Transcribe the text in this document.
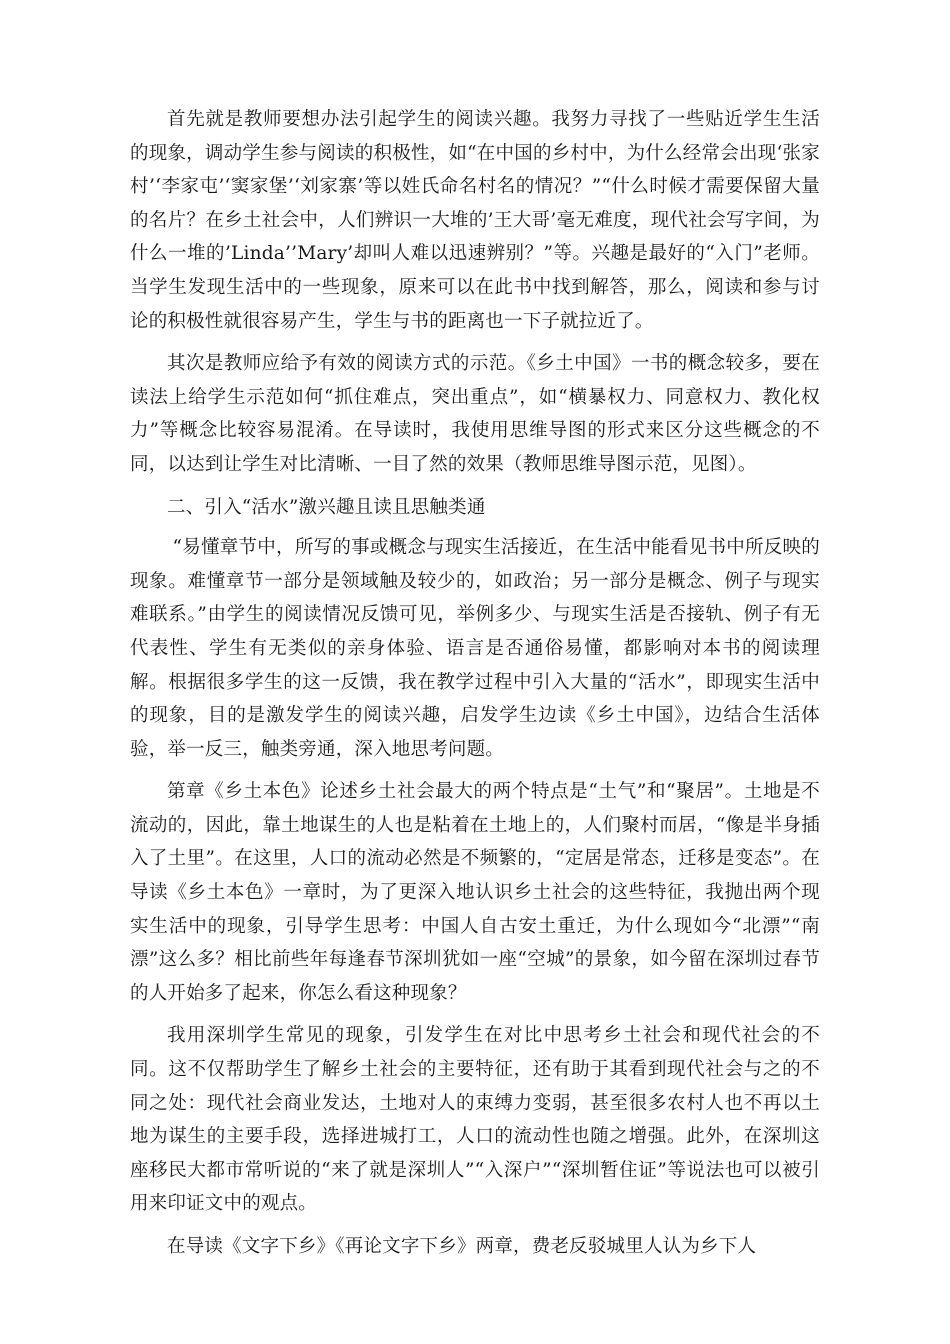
首先就是教师要想办法引起学生的阅读兴趣。我努力寻找了一些贴近学生生活的现象，调动学生参与阅读的积极性，如“在中国的乡村中，为什么经常会出现‘张家村’‘李家屯’‘窦家堡’‘刘家寨’等以姓氏命名村名的情况？”“什么时候才需要保留大量的名片？在乡土社会中，人们辨识一大堆的’王大哥’毫无难度，现代社会写字间，为什么一堆的’Linda’’Mary’却叫人难以迅速辨别？”等。兴趣是最好的“入门”老师。当学生发现生活中的一些现象，原来可以在此书中找到解答，那么，阅读和参与讨论的积极性就很容易产生，学生与书的距离也一下子就拉近了。

其次是教师应给予有效的阅读方式的示范。《乡土中国》一书的概念较多，要在读法上给学生示范如何“抓住难点，突出重点”，如“横暴权力、同意权力、教化权力”等概念比较容易混淆。在导读时，我使用思维导图的形式来区分这些概念的不同，以达到让学生对比清晰、一目了然的效果（教师思维导图示范，见图）。

二、引入“活水”激兴趣且读且思触类通

“易懂章节中，所写的事或概念与现实生活接近，在生活中能看见书中所反映的现象。难懂章节一部分是领域触及较少的，如政治；另一部分是概念、例子与现实难联系。”由学生的阅读情况反馈可见，举例多少、与现实生活是否接轨、例子有无代表性、学生有无类似的亲身体验、语言是否通俗易懂，都影响对本书的阅读理解。根据很多学生的这一反馈，我在教学过程中引入大量的“活水”，即现实生活中的现象，目的是激发学生的阅读兴趣，启发学生边读《乡土中国》，边结合生活体验，举一反三，触类旁通，深入地思考问题。

第章《乡土本色》论述乡土社会最大的两个特点是“土气”和“聚居”。土地是不流动的，因此，靠土地谋生的人也是粘着在土地上的，人们聚村而居，“像是半身插入了土里”。在这里，人口的流动必然是不频繁的，“定居是常态，迁移是变态”。在导读《乡土本色》一章时，为了更深入地认识乡土社会的这些特征，我抛出两个现实生活中的现象，引导学生思考：中国人自古安土重迁，为什么现如今“北漂”“南漂”这么多？相比前些年每逢春节深圳犹如一座“空城”的景象，如今留在深圳过春节的人开始多了起来，你怎么看这种现象？

我用深圳学生常见的现象，引发学生在对比中思考乡土社会和现代社会的不同。这不仅帮助学生了解乡土社会的主要特征，还有助于其看到现代社会与之的不同之处：现代社会商业发达，土地对人的束缚力变弱，甚至很多农村人也不再以土地为谋生的主要手段，选择进城打工，人口的流动性也随之增强。此外，在深圳这座移民大都市常听说的“来了就是深圳人”“入深户”“深圳暂住证”等说法也可以被引用来印证文中的观点。

在导读《文字下乡》《再论文字下乡》两章，费老反驳城里人认为乡下人
